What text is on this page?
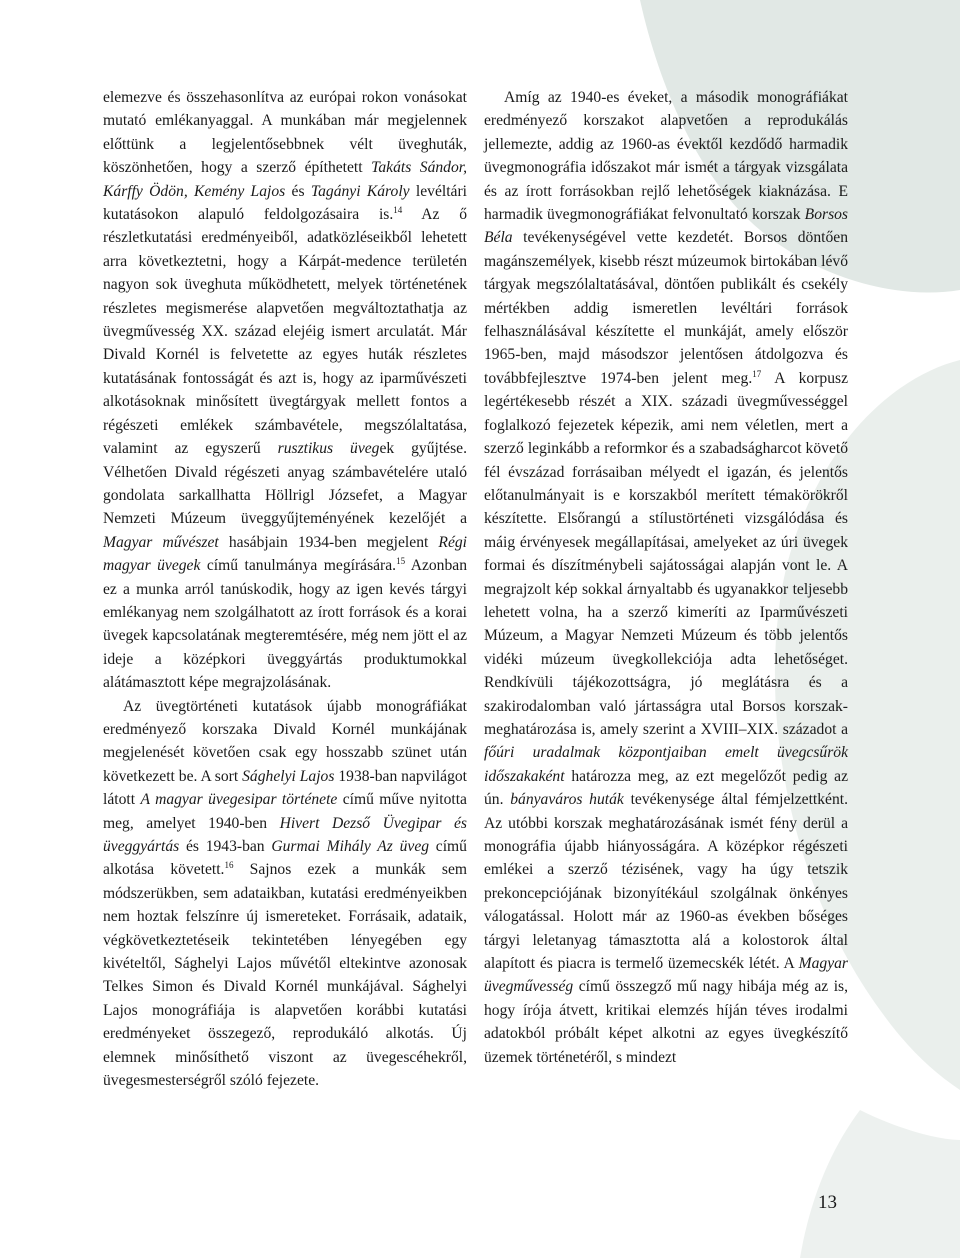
elemezve és összehasonlítva az európai rokon vonásokat mutató emlékanyaggal. A munkában már megjelennek előttünk a legjelentősebbnek vélt üveghuták, köszönhetően, hogy a szerző építhetett Takáts Sándor, Kárffy Ödön, Kemény Lajos és Tagányi Károly levéltári kutatásokon alapuló feldolgozásaira is.$^{14}$ Az ő részletkutatási eredményeiből, adatközléseikből lehetett arra következtetni, hogy a Kárpát-medence területén nagyon sok üveghuta működhetett, melyek történetének részletes megismerése alapvetően megváltoztathatja az üvegművesség XX. század elejéig ismert arculatát. Már Divald Kornél is felvetette az egyes huták részletes kutatásának fontosságát és azt is, hogy az iparművészeti alkotásoknak minősített üvegtárgyak mellett fontos a régészeti emlékek számbavétele, megszólaltatása, valamint az egyszerű rusztikus üvegek gyűjtése. Vélhetően Divald régészeti anyag számbavételére utaló gondolata sarkallhatta Höllrigl Józsefet, a Magyar Nemzeti Múzeum üveggyűjteményének kezelőjét a Magyar művészet hasábjain 1934-ben megjelent Régi magyar üvegek című tanulmánya megírására.$^{15}$ Azonban ez a munka arról tanúskodik, hogy az igen kevés tárgyi emlékanyag nem szolgálhatott az írott források és a korai üvegek kapcsolatának megteremtésére, még nem jött el az ideje a középkori üveggyártás produktumokkal alátámasztott képe megrajzolásának.

Az üvegtörténeti kutatások újabb monográfiákat eredményező korszaka Divald Kornél munkájának megjelenését követően csak egy hosszabb szünet után következett be. A sort Sághelyi Lajos 1938-ban napvilágot látott A magyar üvegesipar története című műve nyitotta meg, amelyet 1940-ben Hivert Dezső Üvegipar és üveggyártás és 1943-ban Gurmai Mihály Az üveg című alkotása követett.$^{16}$ Sajnos ezek a munkák sem módszerükben, sem adataikban, kutatási eredményeikben nem hoztak felszínre új ismereteket. Forrásaik, adataik, végkövetkeztetéseik tekintetében lényegében egy kivételtől, Sághelyi Lajos művétől eltekintve azonosak Telkes Simon és Divald Kornél munkájával. Sághelyi Lajos monográfiája is alapvetően korábbi kutatási eredményeket összegező, reprodukáló alkotás. Új elemnek minősíthető viszont az üvegescéhekről, üvegesmesterségről szóló fejezete.

Amíg az 1940-es éveket, a második monográfiákat eredményező korszakot alapvetően a reprodukálás jellemezte, addig az 1960-as évektől kezdődő harmadik üvegmonográfia időszakot már ismét a tárgyak vizsgálata és az írott forrásokban rejlő lehetőségek kiaknázása. E harmadik üvegmonográfiákat felvonultató korszak Borsos Béla tevékenységével vette kezdetét. Borsos döntően magánszemélyek, kisebb részt múzeumok birtokában lévő tárgyak megszólaltatásával, döntően publikált és csekély mértékben addig ismeretlen levéltári források felhasználásával készítette el munkáját, amely először 1965-ben, majd másodszor jelentősen átdolgozva és továbbfejlesztve 1974-ben jelent meg.$^{17}$ A korpusz legértékesebb részét a XIX. századi üvegművességgel foglalkozó fejezetek képezik, ami nem véletlen, mert a szerző leginkább a reformkor és a szabadságharcot követő fél évszázad forrásaiban mélyedt el igazán, és jelentős előtanulmányait is e korszakból merített témakörökről készítette. Elsőrangú a stílustörténeti vizsgálódása és máig érvényesek megállapításai, amelyeket az úri üvegek formai és díszítménybeli sajátosságai alapján vont le. A megrajzolt kép sokkal árnyaltabb és ugyanakkor teljesebb lehetett volna, ha a szerző kimeríti az Iparművészeti Múzeum, a Magyar Nemzeti Múzeum és több jelentős vidéki múzeum üvegkollekciója adta lehetőséget. Rendkívüli tájékozottságra, jó meglátásra és a szakirodalomban való jártasságra utal Borsos korszak-meghatározása is, amely szerint a XVIII–XIX. századot a főúri uradalmak központjaiban emelt üvegcsűrök időszakaként határozza meg, az ezt megelőzőt pedig az ún. bányaváros huták tevékenysége által fémjelzettként. Az utóbbi korszak meghatározásának ismét fény derül a monográfia újabb hiányosságára. A középkor régészeti emlékei a szerző tézisének, vagy ha úgy tetszik prekoncepciójának bizonyítékául szolgálnak önkényes válogatással. Holott már az 1960-as években bőséges tárgyi leletanyag támasztotta alá a kolostorok által alapított és piacra is termelő üzemecskék létét. A Magyar üvegművesség című összegző mű nagy hibája még az is, hogy írója átvett, kritikai elemzés híján téves irodalmi adatokból próbált képet alkotni az egyes üvegkészítő üzemek történetéről, s mindezt

13
